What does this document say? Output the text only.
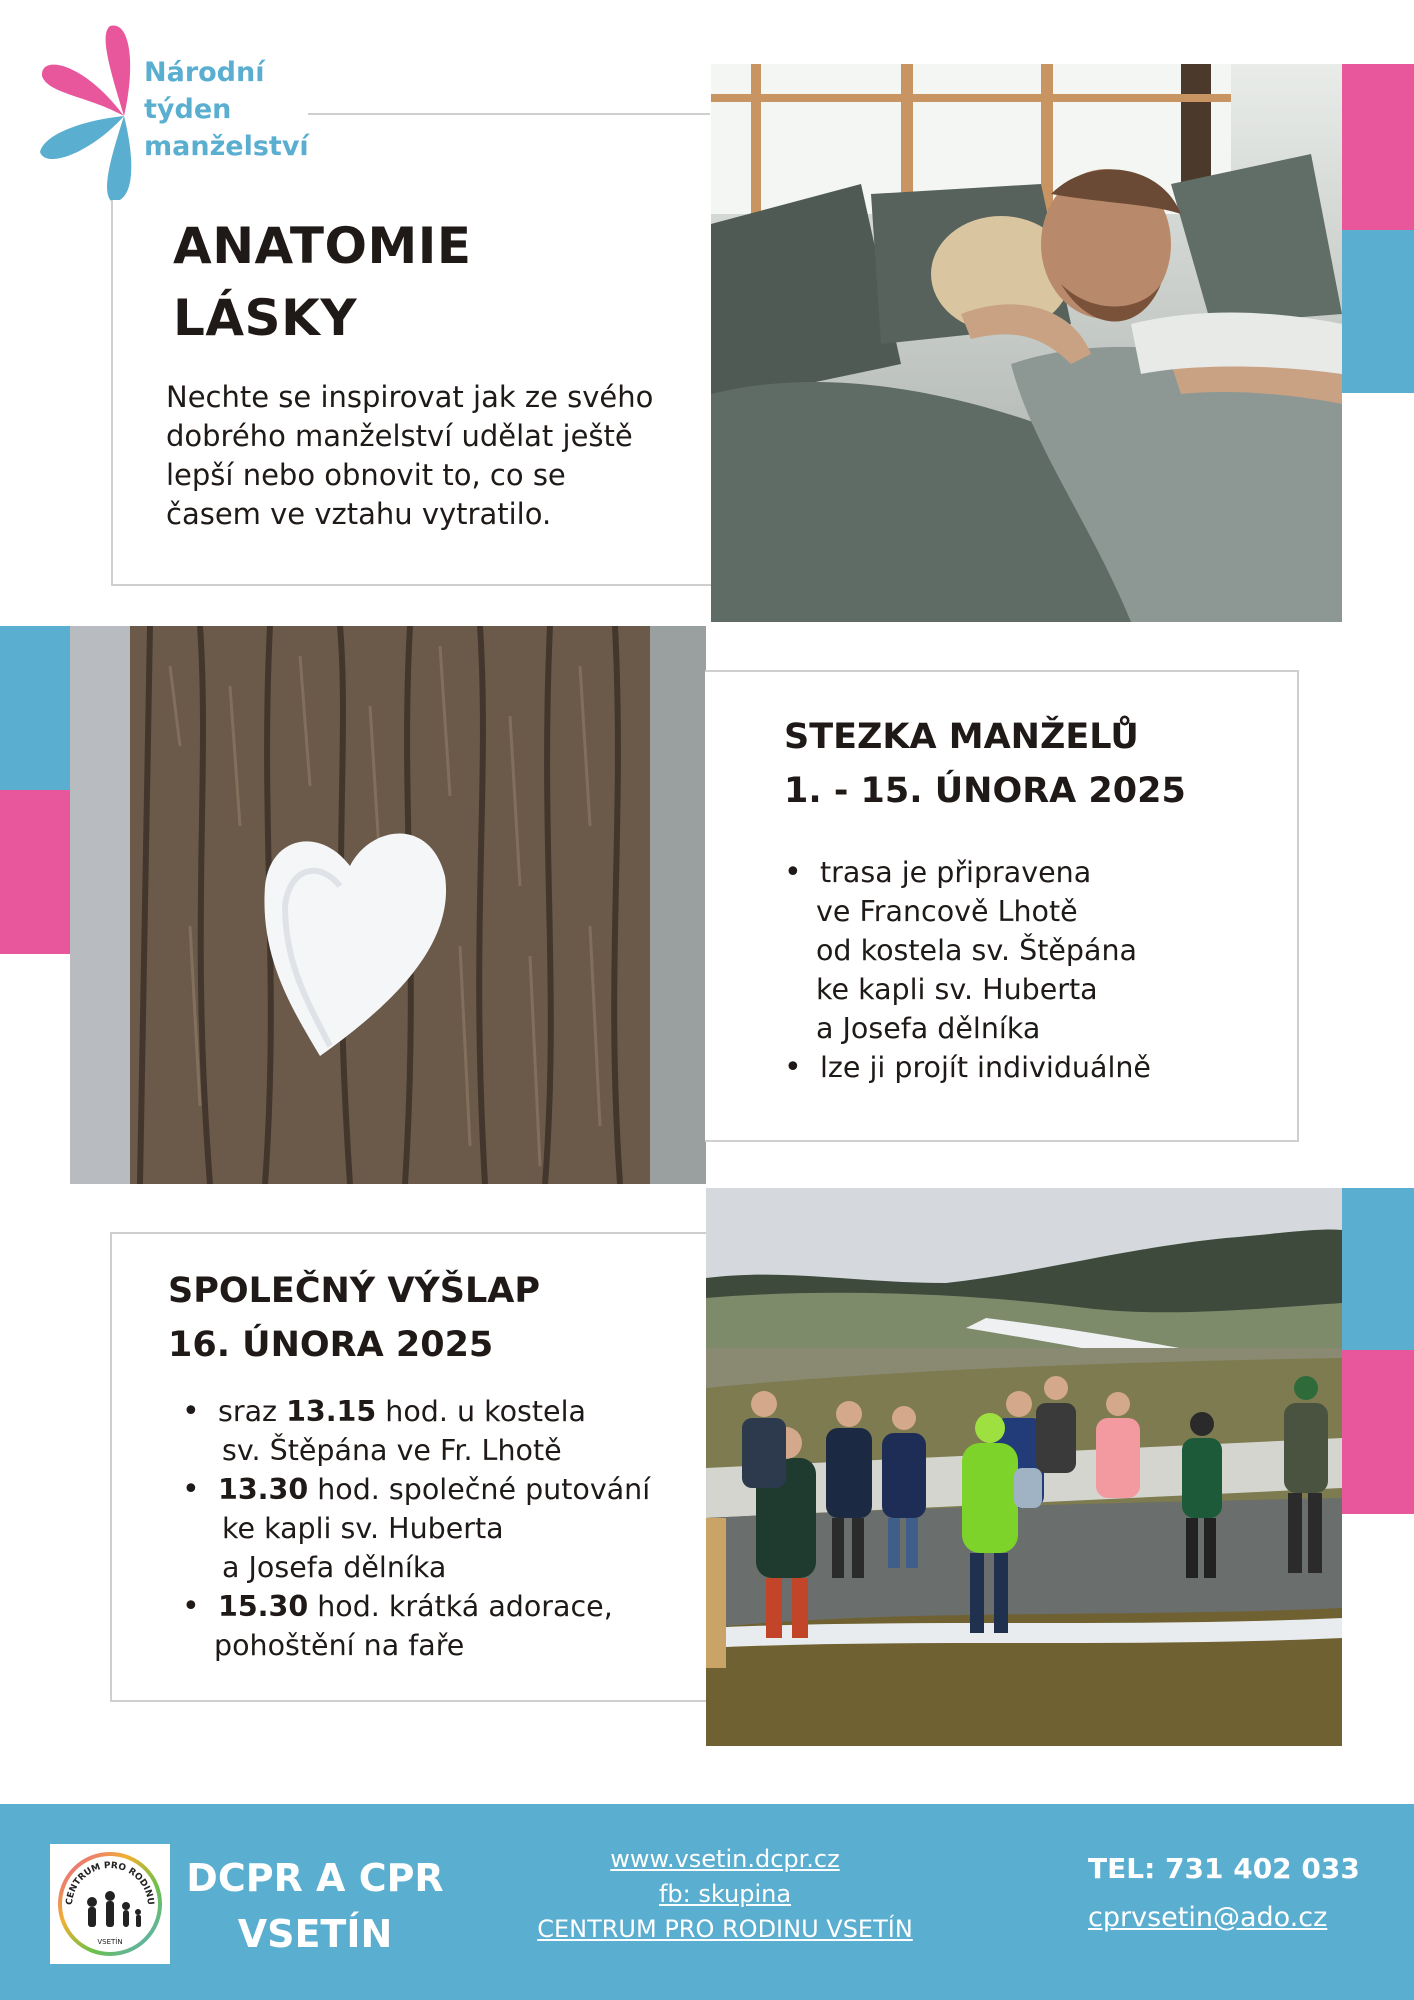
Národní
týden
manželství
ANATOMIE
LÁSKY
Nechte se inspirovat jak ze svého
dobrého manželství udělat ještě
lepší nebo obnovit to, co se
časem ve vztahu vytratilo.
STEZKA MANŽELŮ
1. - 15. ÚNORA 2025
• trasa je připravena
ve Francově Lhotě
od kostela sv. Štěpána
ke kapli sv. Huberta
a Josefa dělníka
• lze ji projít individuálně
SPOLEČNÝ VÝŠLAP
16. ÚNORA 2025
• sraz 13.15 hod. u kostela
sv. Štěpána ve Fr. Lhotě
• 13.30 hod. společné putování
ke kapli sv. Huberta
a Josefa dělníka
• 15.30 hod. krátká adorace,
pohoštění na faře
CENTRUM PRO RODINU
VSETÍN
DCPR A CPR
VSETÍN
www.vsetin.dcpr.cz
fb: skupina
CENTRUM PRO RODINU VSETÍN
TEL: 731 402 033
cprvsetin@ado.cz
